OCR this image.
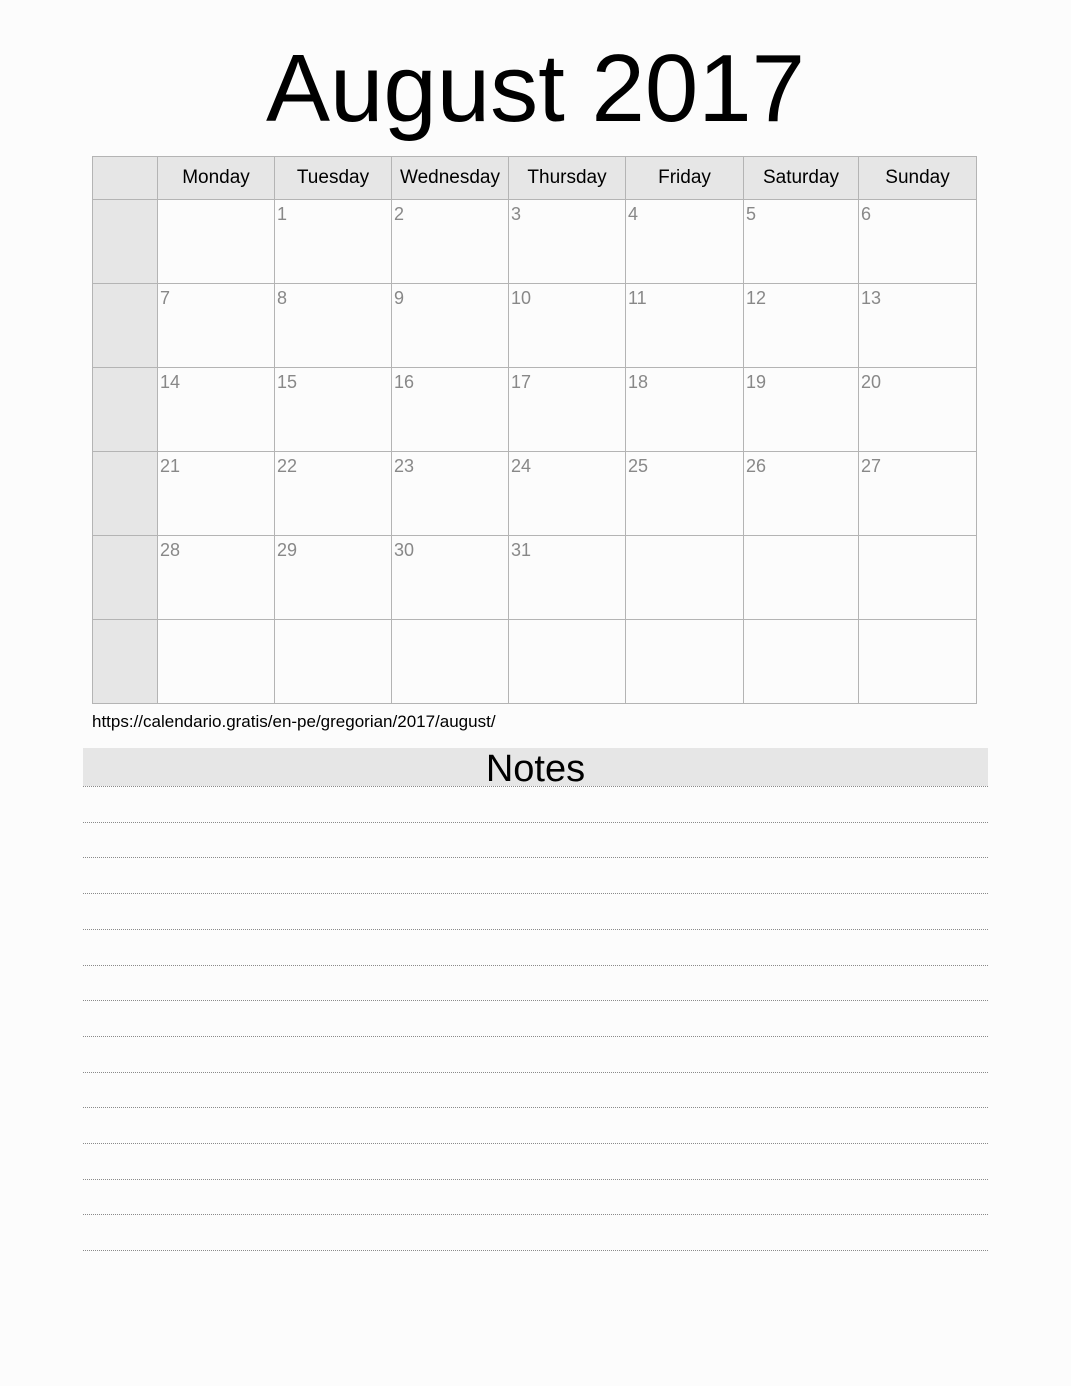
August 2017
	Monday	Tuesday	Wednesday	Thursday	Friday	Saturday	Sunday
		1	2	3	4	5	6
	7	8	9	10	11	12	13
	14	15	16	17	18	19	20
	21	22	23	24	25	26	27
	28	29	30	31			

https://calendario.gratis/en-pe/gregorian/2017/august/
Notes
